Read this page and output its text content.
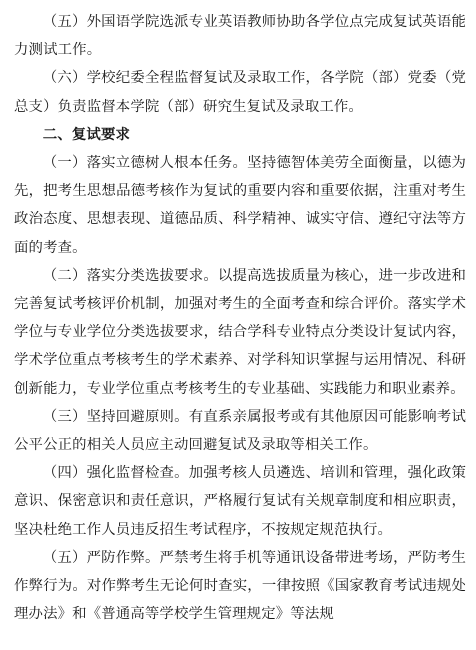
（五）外国语学院选派专业英语教师协助各学位点完成复试英语能力测试工作。

（六）学校纪委全程监督复试及录取工作，各学院（部）党委（党总支）负责监督本学院（部）研究生复试及录取工作。

二、复试要求

（一）落实立德树人根本任务。坚持德智体美劳全面衡量，以德为先，把考生思想品德考核作为复试的重要内容和重要依据，注重对考生政治态度、思想表现、道德品质、科学精神、诚实守信、遵纪守法等方面的考查。

（二）落实分类选拔要求。以提高选拔质量为核心，进一步改进和完善复试考核评价机制，加强对考生的全面考查和综合评价。落实学术学位与专业学位分类选拔要求，结合学科专业特点分类设计复试内容，学术学位重点考核考生的学术素养、对学科知识掌握与运用情况、科研创新能力，专业学位重点考核考生的专业基础、实践能力和职业素养。

（三）坚持回避原则。有直系亲属报考或有其他原因可能影响考试公平公正的相关人员应主动回避复试及录取等相关工作。

（四）强化监督检查。加强考核人员遴选、培训和管理，强化政策意识、保密意识和责任意识，严格履行复试有关规章制度和相应职责，坚决杜绝工作人员违反招生考试程序，不按规定规范执行。

（五）严防作弊。严禁考生将手机等通讯设备带进考场，严防考生作弊行为。对作弊考生无论何时查实，一律按照《国家教育考试违规处理办法》和《普通高等学校学生管理规定》等法规
